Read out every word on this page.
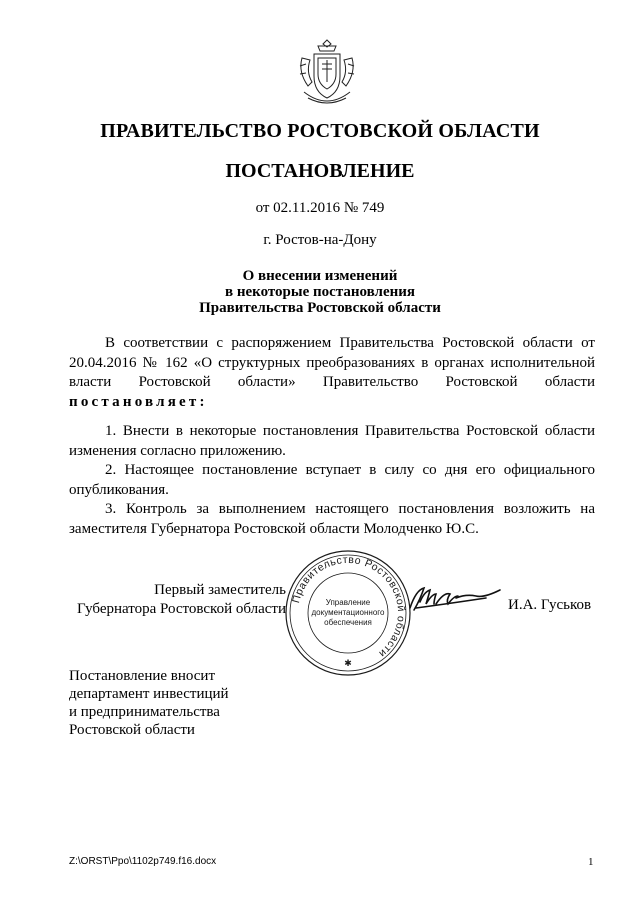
ПРАВИТЕЛЬСТВО РОСТОВСКОЙ ОБЛАСТИ
ПОСТАНОВЛЕНИЕ
от 02.11.2016 № 749
г. Ростов-на-Дону
О внесении изменений
в некоторые постановления
Правительства Ростовской области

В соответствии с распоряжением Правительства Ростовской области от 20.04.2016 № 162 «О структурных преобразованиях в органах исполнительной власти Ростовской области» Правительство Ростовской области постановляет:

1. Внести в некоторые постановления Правительства Ростовской области изменения согласно приложению.

2. Настоящее постановление вступает в силу со дня его официального опубликования.

3. Контроль за выполнением настоящего постановления возложить на заместителя Губернатора Ростовской области Молодченко Ю.С.

Первый заместитель
Губернатора Ростовской области
Правительство Ростовской области
Управление
документационного
обеспечения
✱
И.А. Гуськов
Постановление вносит
департамент инвестиций
и предпринимательства
Ростовской области
Z:\ORST\Ppo\1102p749.f16.docx	1
